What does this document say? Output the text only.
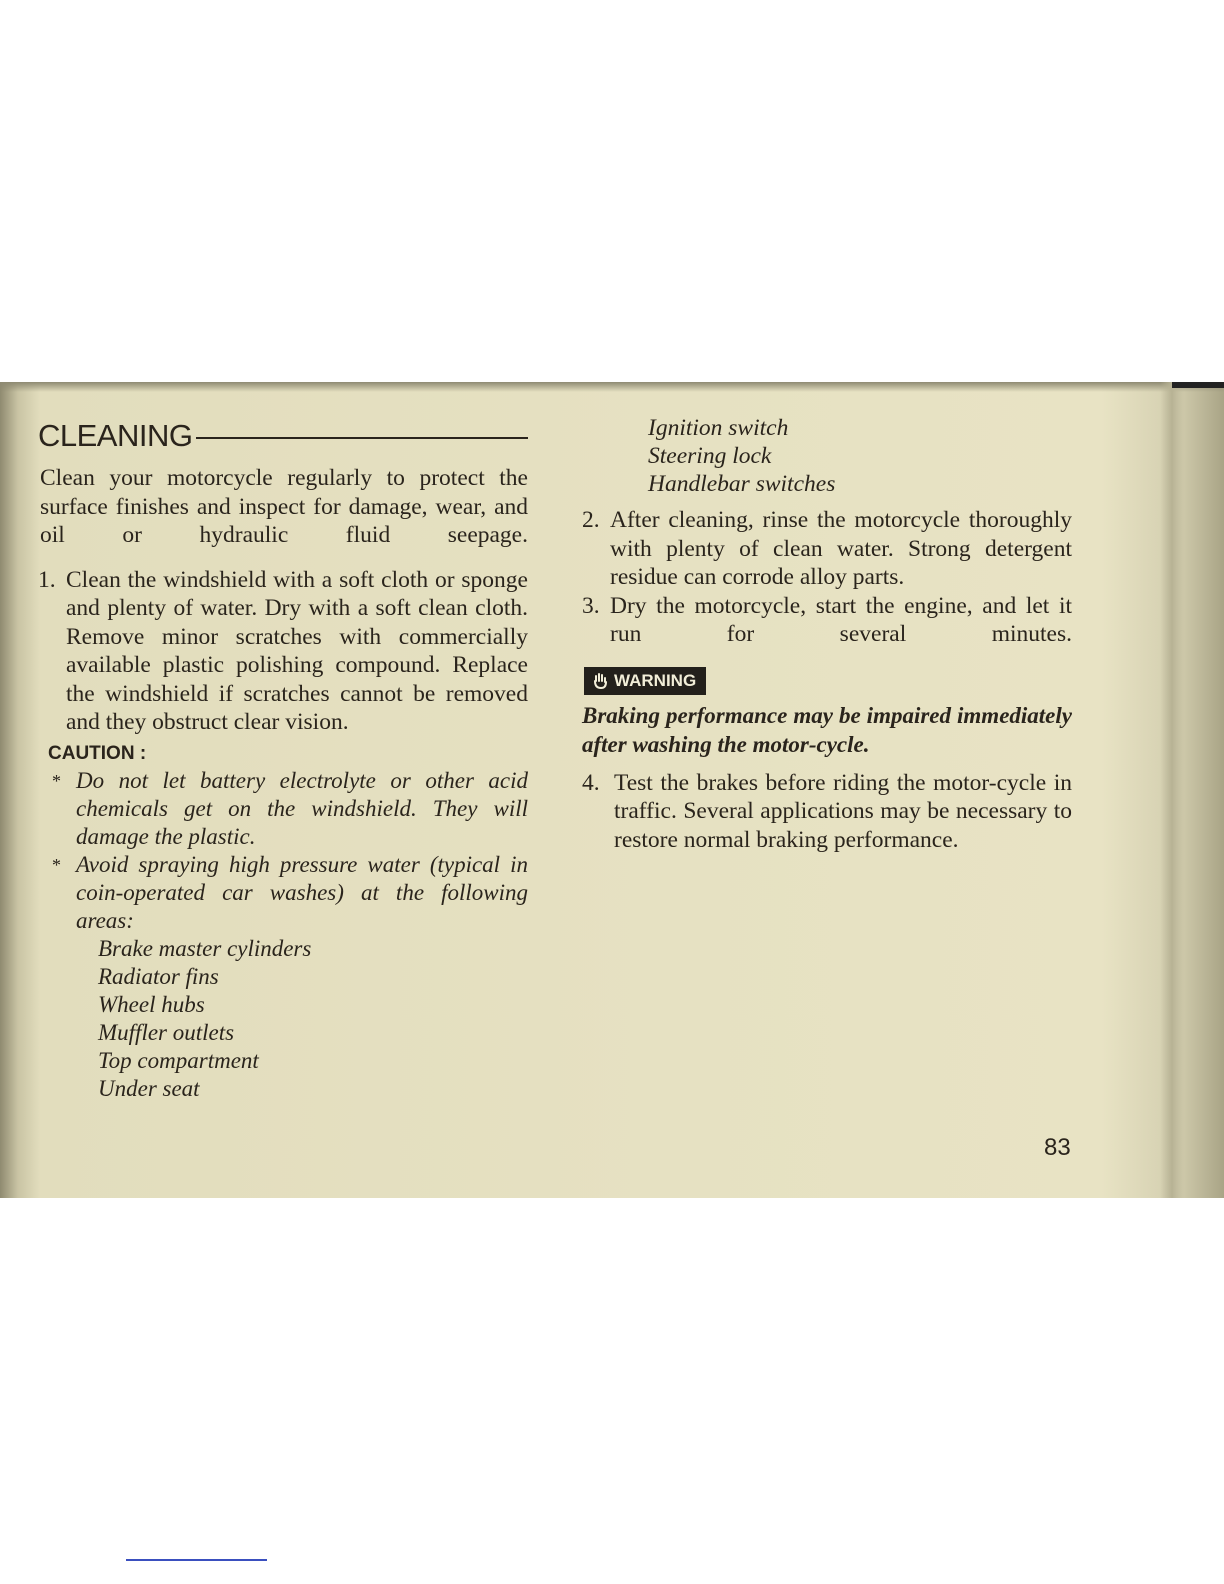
CLEANING
Clean your motorcycle regularly to protect the surface finishes and inspect for damage, wear, and oil or hydraulic fluid seepage.
1. Clean the windshield with a soft cloth or sponge and plenty of water. Dry with a soft clean cloth. Remove minor scratches with commercially available plastic polishing compound. Replace the windshield if scratches cannot be removed and they obstruct clear vision.
CAUTION :
* Do not let battery electrolyte or other acid chemicals get on the windshield. They will damage the plastic.
* Avoid spraying high pressure water (typical in coin-operated car washes) at the following areas:
Brake master cylinders
Radiator fins
Wheel hubs
Muffler outlets
Top compartment
Under seat
Ignition switch
Steering lock
Handlebar switches
2. After cleaning, rinse the motorcycle thoroughly with plenty of clean water. Strong detergent residue can corrode alloy parts.
3. Dry the motorcycle, start the engine, and let it run for several minutes.
WARNING
Braking performance may be impaired immediately after washing the motor-cycle.
4. Test the brakes before riding the motor-cycle in traffic. Several applications may be necessary to restore normal braking performance.
83
